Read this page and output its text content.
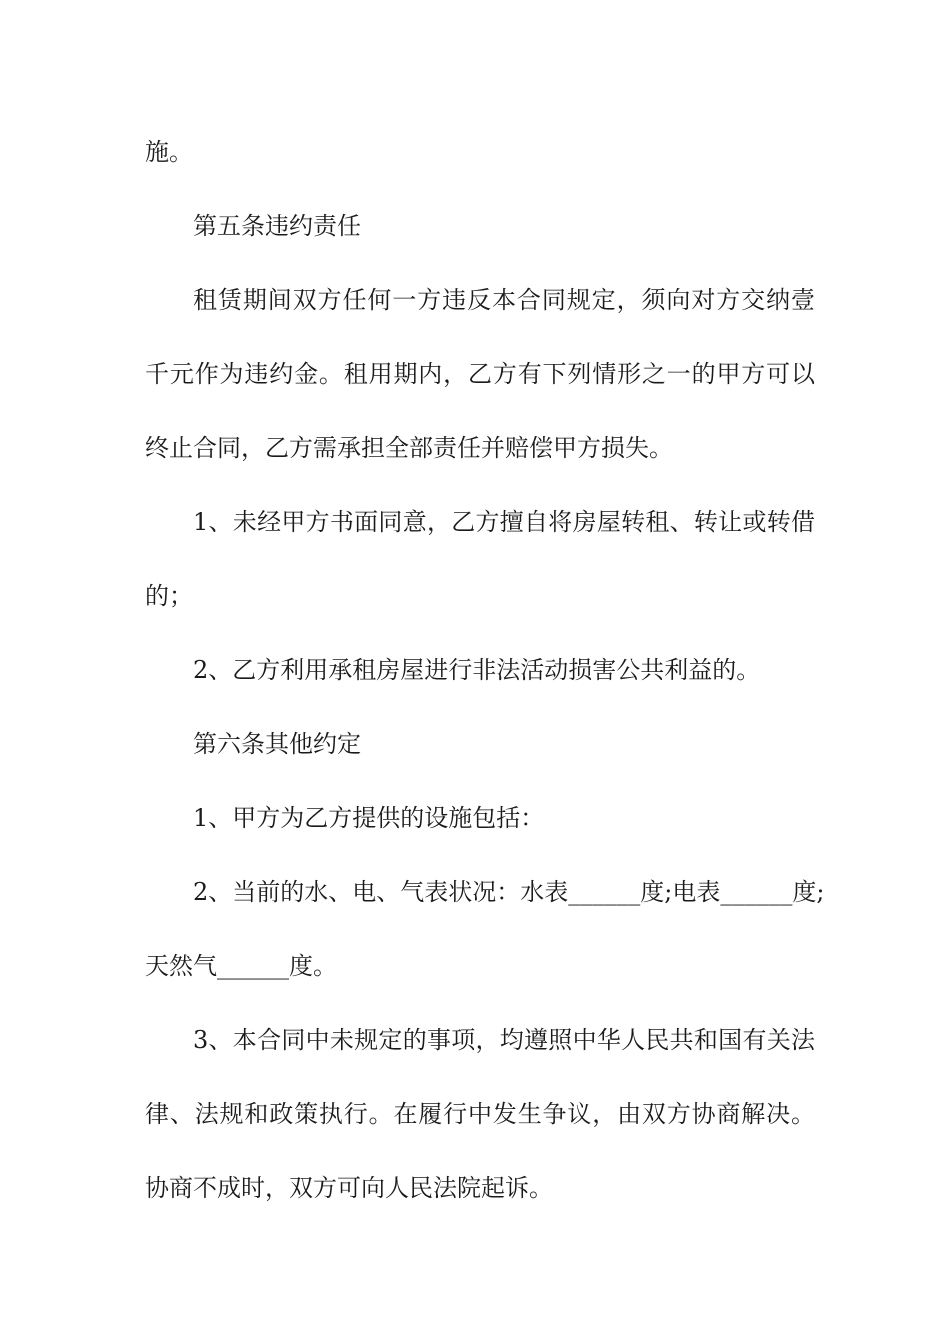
施。
第五条违约责任
租赁期间双方任何一方违反本合同规定，须向对方交纳壹
千元作为违约金。租用期内，乙方有下列情形之一的甲方可以
终止合同，乙方需承担全部责任并赔偿甲方损失。
1、未经甲方书面同意，乙方擅自将房屋转租、转让或转借
的；
2、乙方利用承租房屋进行非法活动损害公共利益的。
第六条其他约定
1、甲方为乙方提供的设施包括：
2、当前的水、电、气表状况：水表______度;电表______度;
天然气______度。
3、本合同中未规定的事项，均遵照中华人民共和国有关法
律、法规和政策执行。在履行中发生争议，由双方协商解决。
协商不成时，双方可向人民法院起诉。
